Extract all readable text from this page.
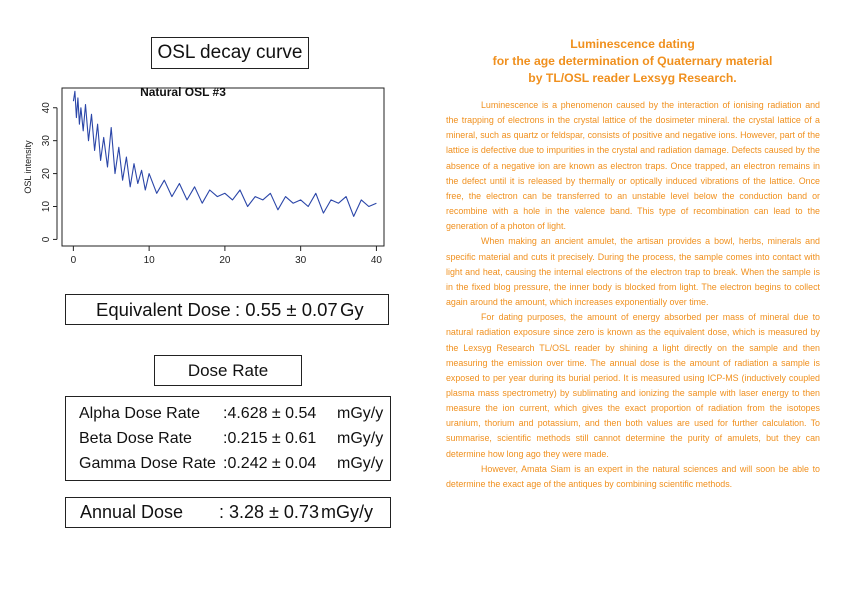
OSL decay curve
0	10	20	30	40
0
10
20
30
40
OSL intensity
Natural OSL #3
Equivalent Dose : 0.55 ± 0.07 Gy
Dose Rate
Alpha Dose Rate :4.628 ± 0.54 mGy/y
Beta Dose Rate :0.215 ± 0.61 mGy/y
Gamma Dose Rate :0.242 ± 0.04 mGy/y
Annual Dose : 3.28 ± 0.73 mGy/y
Luminescence dating
for the age determination of Quaternary material
by TL/OSL reader Lexsyg Research.

Luminescence is a phenomenon caused by the interaction of ionising radiation and the trapping of electrons in the crystal lattice of the dosimeter mineral. the crystal lattice of a mineral, such as quartz or feldspar, consists of positive and negative ions. However, part of the lattice is defective due to impurities in the crystal and radiation damage. Defects caused by the absence of a negative ion are known as electron traps. Once trapped, an electron remains in the defect until it is released by thermally or optically induced vibrations of the lattice. Once free, the electron can be transferred to an unstable level below the conduction band or recombine with a hole in the valence band. This type of recombination can lead to the generation of a photon of light.

When making an ancient amulet, the artisan provides a bowl, herbs, minerals and specific material and cuts it precisely. During the process, the sample comes into contact with light and heat, causing the internal electrons of the electron trap to break. When the sample is in the fixed blog pressure, the inner body is blocked from light. The electron begins to collect again around the amount, which increases exponentially over time.

For dating purposes, the amount of energy absorbed per mass of mineral due to natural radiation exposure since zero is known as the equivalent dose, which is measured by the Lexsyg Research TL/OSL reader by shining a light directly on the sample and then measuring the emission over time. The annual dose is the amount of radiation a sample is exposed to per year during its burial period. It is measured using ICP-MS (inductively coupled plasma mass spectrometry) by sublimating and ionizing the sample with laser energy to then measure the ion current, which gives the exact proportion of radiation from the isotopes uranium, thorium and potassium, and then both values are used for further calculation. To summarise, scientific methods still cannot determine the purity of amulets, but they can determine how long ago they were made.

However, Amata Siam is an expert in the natural sciences and will soon be able to determine the exact age of the antiques by combining scientific methods.
